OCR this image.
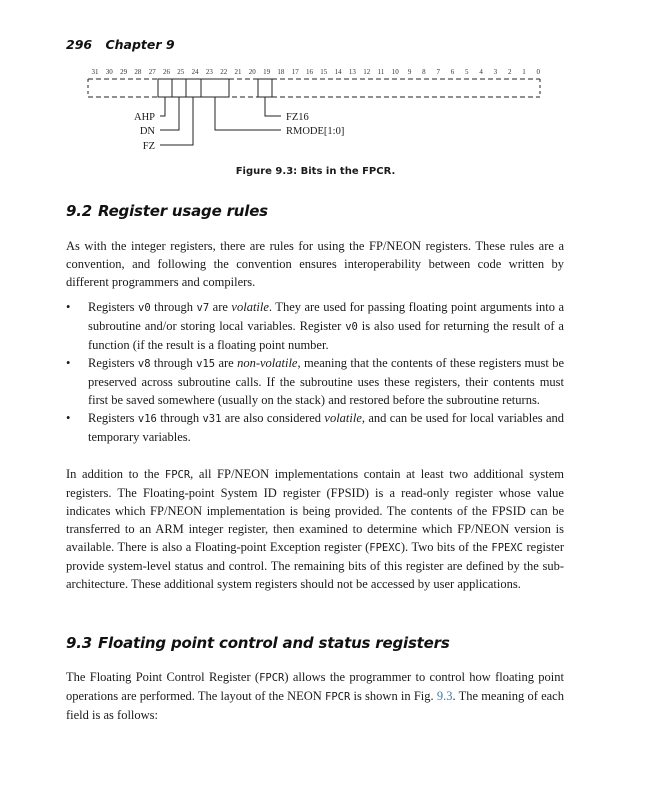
296 Chapter 9
31 30 29 28 27 26 25 24 23 22 21 20 19 18 17 16 15 14 13 12 11 10 9 8 7 6 5 4 3 2 1 0
AHP
DN
FZ
FZ16
RMODE[1:0]
Figure 9.3: Bits in the FPCR.
9.2 Register usage rules

As with the integer registers, there are rules for using the FP/NEON registers. These rules are a convention, and following the convention ensures interoperability between code written by different programmers and compilers.

•	Registers v0 through v7 are volatile. They are used for passing floating point arguments into a subroutine and/or storing local variables. Register v0 is also used for returning the result of a function (if the result is a floating point number.
•	Registers v8 through v15 are non-volatile, meaning that the contents of these registers must be preserved across subroutine calls. If the subroutine uses these registers, their contents must first be saved somewhere (usually on the stack) and restored before the subroutine returns.
•	Registers v16 through v31 are also considered volatile, and can be used for local variables and temporary variables.

In addition to the FPCR, all FP/NEON implementations contain at least two additional system registers. The Floating-point System ID register (FPSID) is a read-only register whose value indicates which FP/NEON implementation is being provided. The contents of the FPSID can be transferred to an ARM integer register, then examined to determine which FP/NEON version is available. There is also a Floating-point Exception register (FPEXC). Two bits of the FPEXC register provide system-level status and control. The remaining bits of this register are defined by the sub-architecture. These additional system registers should not be accessed by user applications.

9.3 Floating point control and status registers

The Floating Point Control Register (FPCR) allows the programmer to control how floating point operations are performed. The layout of the NEON FPCR is shown in Fig. 9.3. The meaning of each field is as follows:
